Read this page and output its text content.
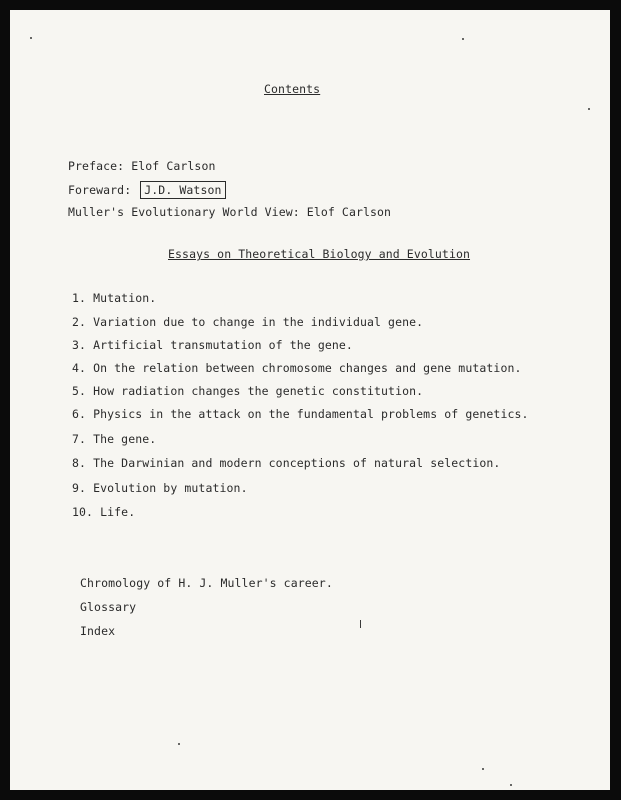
Contents
Preface: Elof Carlson
Foreward: J.D. Watson
Muller's Evolutionary World View: Elof Carlson
Essays on Theoretical Biology and Evolution
1. Mutation.
2. Variation due to change in the individual gene.
3. Artificial transmutation of the gene.
4. On the relation between chromosome changes and gene mutation.
5. How radiation changes the genetic constitution.
6. Physics in the attack on the fundamental problems of genetics.
7. The gene.
8. The Darwinian and modern conceptions of natural selection.
9. Evolution by mutation.
10. Life.
Chromology of H. J. Muller's career.
Glossary
Index
